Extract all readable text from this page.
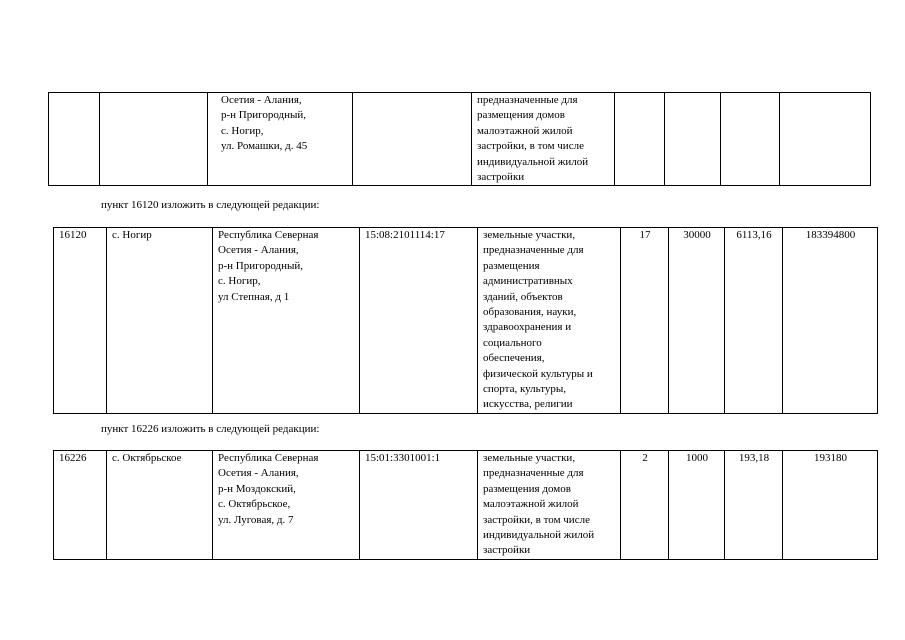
		Осетия - Алания,
р-н Пригородный,
с. Ногир,
ул. Ромашки, д. 45		предназначенные для
размещения домов
малоэтажной жилой
застройки, в том числе
индивидуальной жилой
застройки				
пункт 16120 изложить в следующей редакции:
16120	с. Ногир	Республика Северная
Осетия - Алания,
р-н Пригородный,
с. Ногир,
ул Степная, д 1	15:08:2101114:17	земельные участки,
предназначенные для
размещения
административных
зданий, объектов
образования, науки,
здравоохранения и
социального
обеспечения,
физической культуры и
спорта, культуры,
искусства, религии	17	30000	6113,16	183394800
пункт 16226 изложить в следующей редакции:
16226	с. Октябрьское	Республика Северная
Осетия - Алания,
р-н Моздокский,
с. Октябрьское,
ул. Луговая, д. 7	15:01:3301001:1	земельные участки,
предназначенные для
размещения домов
малоэтажной жилой
застройки, в том числе
индивидуальной жилой
застройки	2	1000	193,18	193180
